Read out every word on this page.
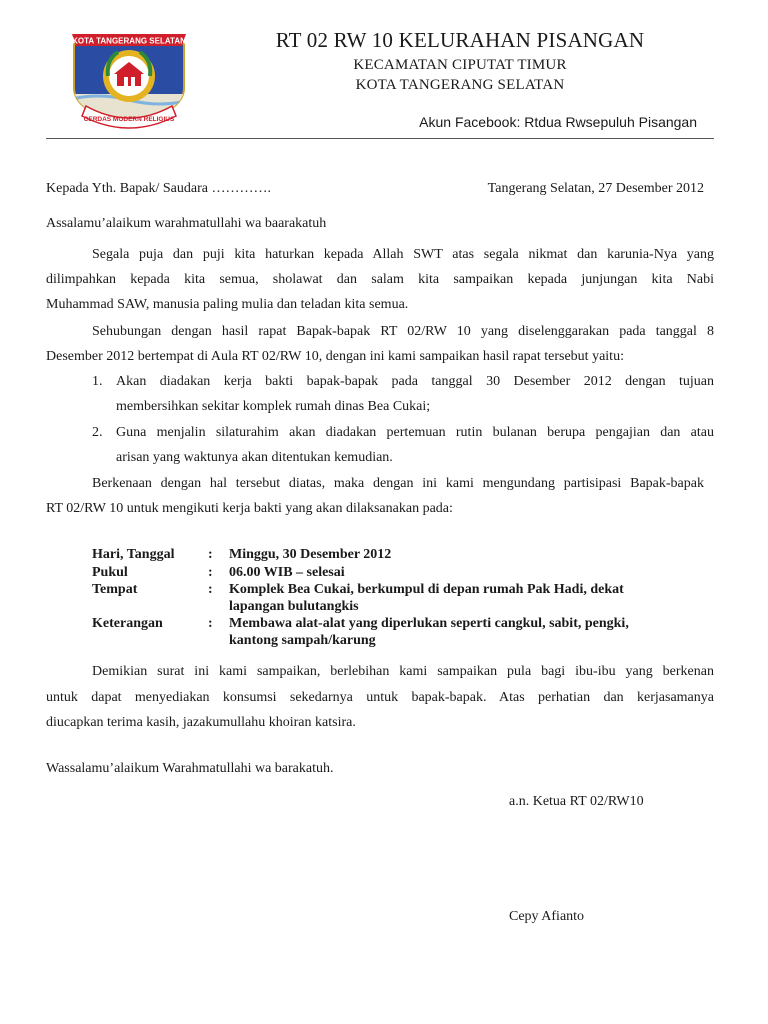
KOTA TANGERANG SELATAN
CERDAS MODERN RELIGIUS
RT 02 RW 10 KELURAHAN PISANGAN
KECAMATAN CIPUTAT TIMUR
KOTA TANGERANG SELATAN
Akun Facebook: Rtdua Rwsepuluh Pisangan
Kepada Yth. Bapak/ Saudara ………….	Tangerang Selatan, 27 Desember 2012
Assalamu’alaikum warahmatullahi wa baarakatuh
Segala puja dan puji kita haturkan kepada Allah SWT atas segala nikmat dan karunia-Nya yang
dilimpahkan kepada kita semua, sholawat dan salam kita sampaikan kepada junjungan kita Nabi
Muhammad SAW, manusia paling mulia dan teladan kita semua.
Sehubungan dengan hasil rapat Bapak-bapak RT 02/RW 10 yang diselenggarakan pada tanggal 8
Desember 2012 bertempat di Aula RT 02/RW 10, dengan ini kami sampaikan hasil rapat tersebut yaitu:
1. Akan diadakan kerja bakti bapak-bapak pada tanggal 30 Desember 2012 dengan tujuan
membersihkan sekitar komplek rumah dinas Bea Cukai;
2. Guna menjalin silaturahim akan diadakan pertemuan rutin bulanan berupa pengajian dan atau
arisan yang waktunya akan ditentukan kemudian.
Berkenaan dengan hal tersebut diatas, maka dengan ini kami mengundang partisipasi Bapak-bapak
RT 02/RW 10 untuk mengikuti kerja bakti yang akan dilaksanakan pada:
Hari, Tanggal : Minggu, 30 Desember 2012
Pukul	: 06.00 WIB – selesai
Tempat	: Komplek Bea Cukai, berkumpul di depan rumah Pak Hadi, dekat
lapangan bulutangkis
Keterangan	: Membawa alat-alat yang diperlukan seperti cangkul, sabit, pengki,
kantong sampah/karung
Demikian surat ini kami sampaikan, berlebihan kami sampaikan pula bagi ibu-ibu yang berkenan
untuk dapat menyediakan konsumsi sekedarnya untuk bapak-bapak. Atas perhatian dan kerjasamanya
diucapkan terima kasih, jazakumullahu khoiran katsira.
Wassalamu’alaikum Warahmatullahi wa barakatuh.
a.n. Ketua RT 02/RW10
Cepy Afianto
